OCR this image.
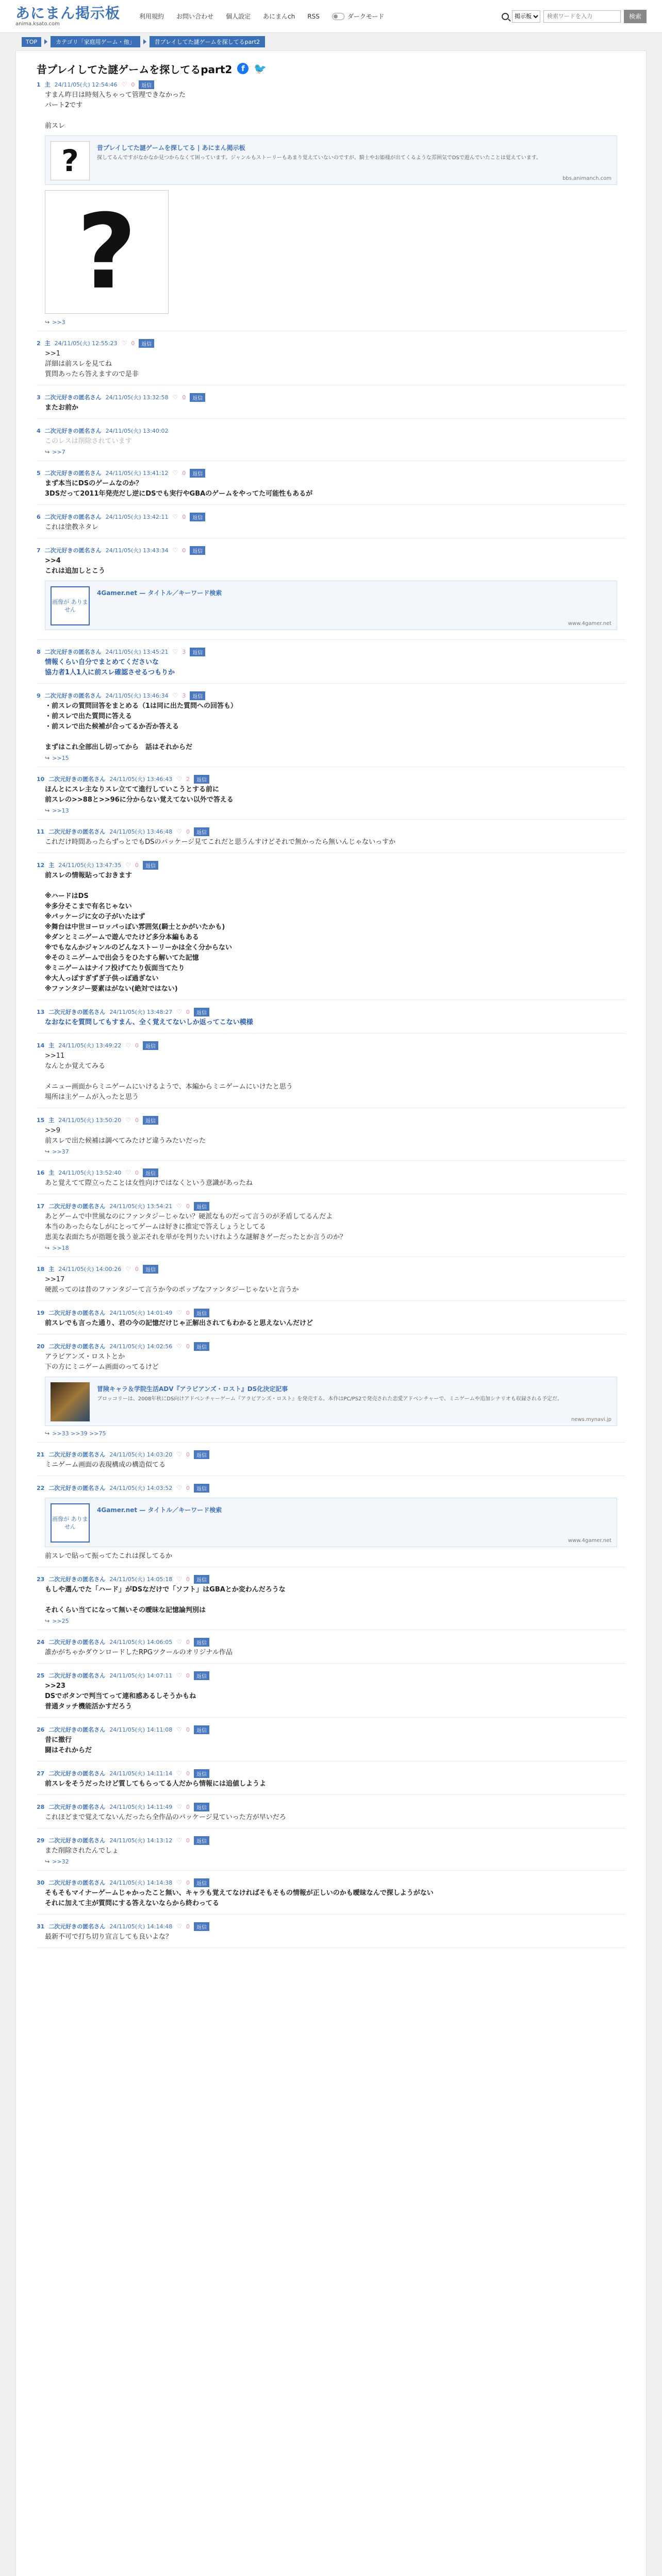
あにまん掲示板
anima.ksato.com
利用規約 お問い合わせ 個人設定 あにまんch RSS	ダークモード
掲示板
検索ワードを入力	検索
TOP	カテゴリ「家庭用ゲーム・他」	昔プレイしてた謎ゲームを探してるpart2
昔プレイしてた謎ゲームを探してるpart2	f 🐦
1 主 24/11/05(火) 12:54:46 ♡ 0	返信
すまん昨日は時刻入ちゃって管理できなかった
パート2です

前スレ
?	昔プレイしてた謎ゲームを探してる | あにまん掲示板
探してるんですがなかなか見つからなくて困っています。ジャンルもストーリーもあまり覚えていないのですが、騎士やお姫様が出てくるような雰囲気でDSで遊んでいたことは覚えています。
bbs.animanch.com
?
↪ >>3
2 主 24/11/05(火) 12:55:23 ♡ 0	返信
>>1
詳細は前スレを見てね
質問あったら答えますので是非
3 二次元好きの匿名さん 24/11/05(火) 13:32:58 ♡ 0	返信
またお前か
4 二次元好きの匿名さん 24/11/05(火) 13:40:02
このレスは削除されています
↪ >>7
5 二次元好きの匿名さん 24/11/05(火) 13:41:12 ♡ 0	返信
まず本当にDSのゲームなのか？
3DSだって2011年発売だし逆にDSでも実行やGBAのゲームをやってた可能性もあるが
6 二次元好きの匿名さん 24/11/05(火) 13:42:11 ♡ 0	返信
これは塗教ネタレ
7 二次元好きの匿名さん 24/11/05(火) 13:43:34 ♡ 0	返信
>>4
これは追加しとこう
画像が ありません
4Gamer.net — タイトル／キーワード検索
www.4gamer.net
8 二次元好きの匿名さん 24/11/05(火) 13:45:21 ♡ 3	返信
情報くらい自分でまとめてくださいな
協力者1人1人に前スレ確認させるつもりか
9 二次元好きの匿名さん 24/11/05(火) 13:46:34 ♡ 3	返信
・前スレの質問回答をまとめる（1は同に出た質問への回答も）
・前スレで出た質問に答える
・前スレで出た候補が合ってるか否か答える

まずはこれ全部出し切ってから　話はそれからだ
↪ >>15
10 二次元好きの匿名さん 24/11/05(火) 13:46:43 ♡ 2	返信
ほんとにスレ主なりスレ立てて進行していこうとする前に
前スレの>>88と>>96に分からない覚えてない以外で答える
↪ >>13
11 二次元好きの匿名さん 24/11/05(火) 13:46:48 ♡ 0	返信
これだけ時間あったらずっとでもDSのパッケージ見てこれだと思うんすけどそれで無かったら無いんじゃないっすか
12 主 24/11/05(火) 13:47:35 ♡ 0	返信
前スレの情報貼っておきます

※ハードはDS
※多分そこまで有名じゃない
※パッケージに女の子がいたはず
※舞台は中世ヨーロッパっぽい雰囲気(騎士とかがいたかも)
※ダンとミニゲームで遊んでたけど多分本編もある
※でもなんかジャンルのどんなストーリーかは全く分からない
※そのミニゲームで出会うをひたすら解いてた記憶
※ミニゲームはナイフ投げてたり仮面当てたり
※大人っぽすぎずぎ子供っぽ過ぎない
※ファンタジー要素はがない(絶対ではない)
13 二次元好きの匿名さん 24/11/05(火) 13:48:27 ♡ 0	返信
なおなにを質問してもすまん、全く覚えてないしか返ってこない模様
14 主 24/11/05(火) 13:49:22 ♡ 0	返信
>>11
なんとか覚えてみる

メニュー画面からミニゲームにいけるようで、本編からミニゲームにいけたと思う
場所は主ゲームが入ったと思う
15 主 24/11/05(火) 13:50:20 ♡ 0	返信
>>9
前スレで出た候補は調べてみたけど違うみたいだった
↪ >>37
16 主 24/11/05(火) 13:52:40 ♡ 0	返信
あと覚えてて際立ったことは女性向けではなくという意識があったね
17 二次元好きの匿名さん 24/11/05(火) 13:54:21 ♡ 0	返信
あとゲームで中世風なのにファンタジーじゃない？硬派なものだって言うのが矛盾してるんだよ
本当のあったらなしがにとってゲームは好きに推定で答えしょうとしてる
恵美な表面たちが指題を扱う並ぶそれを単がを判りたいけれような謎解きゲーだったとか言うのか？
↪ >>18
18 主 24/11/05(火) 14:00:26 ♡ 0	返信
>>17
硬派ってのは昔のファンタジーて言うか今のポップなファンタジーじゃないと言うか
19 二次元好きの匿名さん 24/11/05(火) 14:01:49 ♡ 0	返信
前スレでも言った通り、君の今の記憶だけじゃ正解出されてもわかると思えないんだけど
20 二次元好きの匿名さん 24/11/05(火) 14:02:56 ♡ 0	返信
アラビアンズ・ロストとか
下の方にミニゲーム画面のってるけど
冒険キャラ＆学院生活ADV『アラビアンズ・ロスト』DS化決定記事
ブロッコリーは、2008年秋にDS向けアドベンチャーゲーム『アラビアンズ・ロスト』を発売する。本作はPC/PS2で発売された恋愛アドベンチャーで、ミニゲームや追加シナリオも収録される予定だ。
news.mynavi.jp
↪ >>33 >>39 >>75
21 二次元好きの匿名さん 24/11/05(火) 14:03:20 ♡ 0	返信
ミニゲーム画面の表現構成の構造似てる
22 二次元好きの匿名さん 24/11/05(火) 14:03:52 ♡ 0	返信
画像が ありません
4Gamer.net — タイトル／キーワード検索
www.4gamer.net
前スレで貼って振ってたこれは探してるか
23 二次元好きの匿名さん 24/11/05(火) 14:05:18 ♡ 0	返信
もしや選んでた「ハード」がDSなだけで「ソフト」はGBAとか変わんだろうな

それくらい当てになって無いその曖昧な記憶論判別は
↪ >>25
24 二次元好きの匿名さん 24/11/05(火) 14:06:05 ♡ 0	返信
誰かがちゃかダウンロードしたRPGツクールのオリジナル作品
25 二次元好きの匿名さん 24/11/05(火) 14:07:11 ♡ 0	返信
>>23
DSでボタンで判当てって連和感あるしそうかもね
普通タッチ機能活かすだろう
26 二次元好きの匿名さん 24/11/05(火) 14:11:08 ♡ 0	返信
昔に撤行
闘はそれからだ
27 二次元好きの匿名さん 24/11/05(火) 14:11:14 ♡ 0	返信
前スレをそうだったけど質してもらってる人だから情報には追値しようよ
28 二次元好きの匿名さん 24/11/05(火) 14:11:49 ♡ 0	返信
これほどまで覚えてないんだったら全作品のパッケージ見ていった方が早いだろ
29 二次元好きの匿名さん 24/11/05(火) 14:13:12 ♡ 0	返信
また削除されたんでしょ
↪ >>32
30 二次元好きの匿名さん 24/11/05(火) 14:14:38 ♡ 0	返信
そもそもマイナーゲームじゃかったこと無い、キャラも覚えてなければそもそもの情報が正しいのかも曖昧なんで探しようがない
それに加えて主が質問にする答えないならから終わってる
31 二次元好きの匿名さん 24/11/05(火) 14:14:48 ♡ 0	返信
最新不可で打ち切り宣言しても良いよな？
